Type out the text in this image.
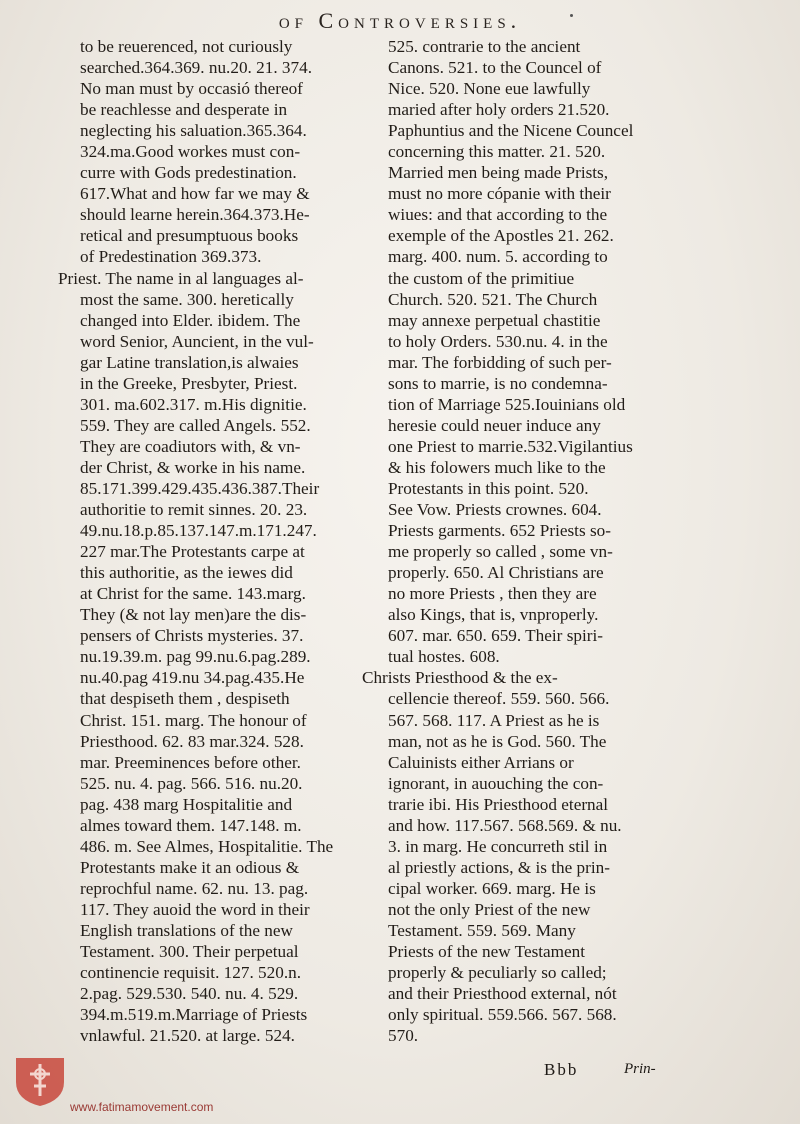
of Controversies.
to be reuerenced, not curiously
searched.364.369. nu.20. 21. 374.
No man must by occasió thereof
be reachlesse and desperate in
neglecting his saluation.365.364.
324.ma.Good workes must con-
curre with Gods predestination.
617.What and how far we may &
should learne herein.364.373.He-
retical and presumptuous books
of Predestination 369.373.
Priest. The name in al languages al-
most the same. 300. heretically
changed into Elder. ibidem. The
word Senior, Auncient, in the vul-
gar Latine translation,is alwaies
in the Greeke, Presbyter, Priest.
301. ma.602.317. m.His dignitie.
559. They are called Angels. 552.
They are coadiutors with, & vn-
der Christ, & worke in his name.
85.171.399.429.435.436.387.Their
authoritie to remit sinnes. 20. 23.
49.nu.18.p.85.137.147.m.171.247.
227 mar.The Protestants carpe at
this authoritie, as the iewes did
at Christ for the same. 143.marg.
They (& not lay men)are the dis-
pensers of Christs mysteries. 37.
nu.19.39.m. pag 99.nu.6.pag.289.
nu.40.pag 419.nu 34.pag.435.He
that despiseth them , despiseth
Christ. 151. marg. The honour of
Priesthood. 62. 83 mar.324. 528.
mar. Preeminences before other.
525. nu. 4. pag. 566. 516. nu.20.
pag. 438 marg Hospitalitie and
almes toward them. 147.148. m.
486. m. See Almes, Hospitalitie. The
Protestants make it an odious &
reprochful name. 62. nu. 13. pag.
117. They auoid the word in their
English translations of the new
Testament. 300. Their perpetual
continencie requisit. 127. 520.n.
2.pag. 529.530. 540. nu. 4. 529.
394.m.519.m.Marriage of Priests
vnlawful. 21.520. at large. 524.
525. contrarie to the ancient
Canons. 521. to the Councel of
Nice. 520. None eue lawfully
maried after holy orders 21.520.
Paphuntius and the Nicene Councel
concerning this matter. 21. 520.
Married men being made Prists,
must no more cópanie with their
wiues: and that according to the
exemple of the Apostles 21. 262.
marg. 400. num. 5. according to
the custom of the primitiue
Church. 520. 521. The Church
may annexe perpetual chastitie
to holy Orders. 530.nu. 4. in the
mar. The forbidding of such per-
sons to marrie, is no condemna-
tion of Marriage 525.Iouinians old
heresie could neuer induce any
one Priest to marrie.532.Vigilantius
& his folowers much like to the
Protestants in this point. 520.
See Vow. Priests crownes. 604.
Priests garments. 652 Priests so-
me properly so called , some vn-
properly. 650. Al Christians are
no more Priests , then they are
also Kings, that is, vnproperly.
607. mar. 650. 659. Their spiri-
tual hostes. 608.
Christs Priesthood & the ex-
cellencie thereof. 559. 560. 566.
567. 568. 117. A Priest as he is
man, not as he is God. 560. The
Caluinists either Arrians or
ignorant, in auouching the con-
trarie ibi. His Priesthood eternal
and how. 117.567. 568.569. & nu.
3. in marg. He concurreth stil in
al priestly actions, & is the prin-
cipal worker. 669. marg. He is
not the only Priest of the new
Testament. 559. 569. Many
Priests of the new Testament
properly & peculiarly so called;
and their Priesthood external, nót
only spiritual. 559.566. 567. 568.
570.
Bbb	Prin-
www.fatimamovement.com
